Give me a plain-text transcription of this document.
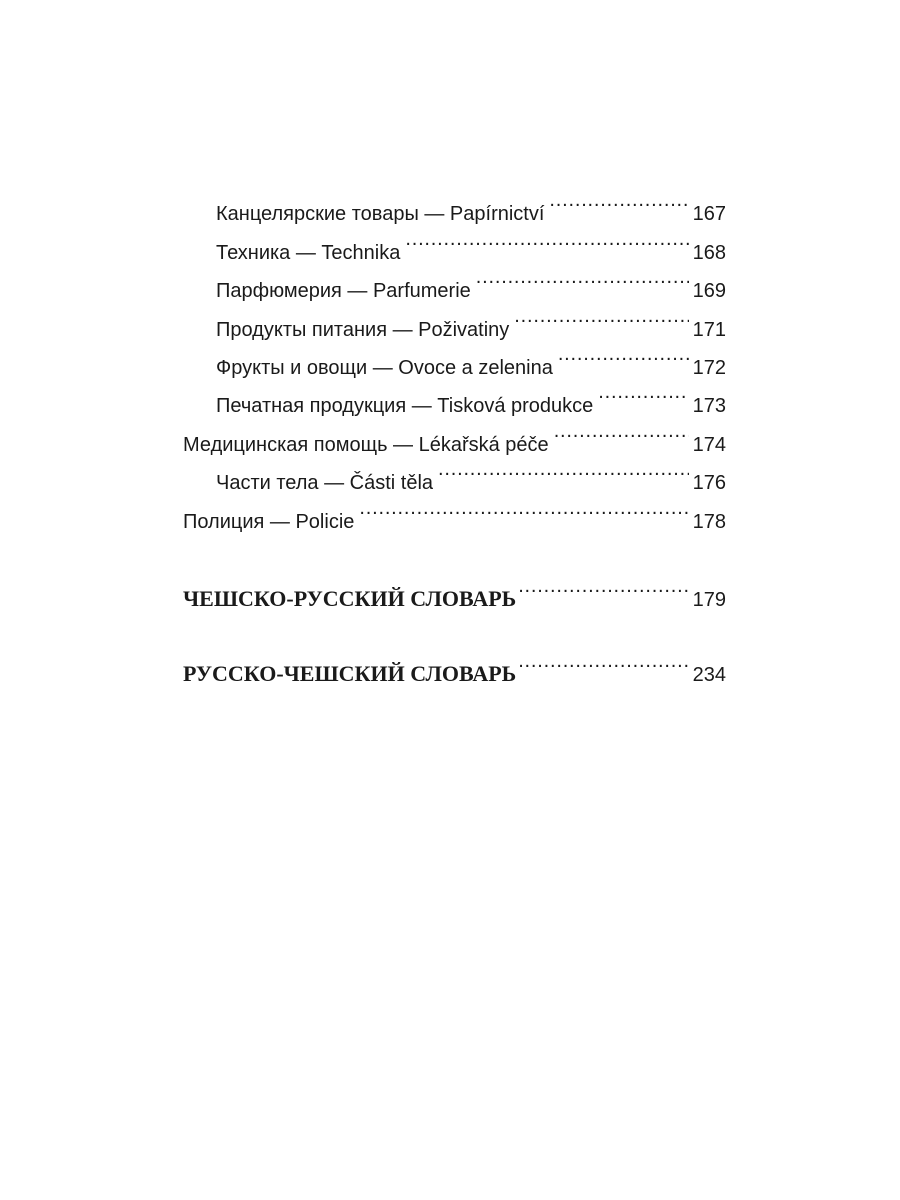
Канцелярские товары — Papírnictví .....	167
Техника — Technika .....	168
Парфюмерия — Parfumerie .....	169
Продукты питания — Poživatiny .....	171
Фрукты и овощи — Ovoce a zelenina .....	172
Печатная продукция — Tisková produkce .....	173
Медицинская помощь — Lékařská péče .....	174
Части тела — Části těla .....	176
Полиция — Policie .....	178
ЧЕШСКО-РУССКИЙ СЛОВАРЬ .....	179
РУССКО-ЧЕШСКИЙ СЛОВАРЬ .....	234
